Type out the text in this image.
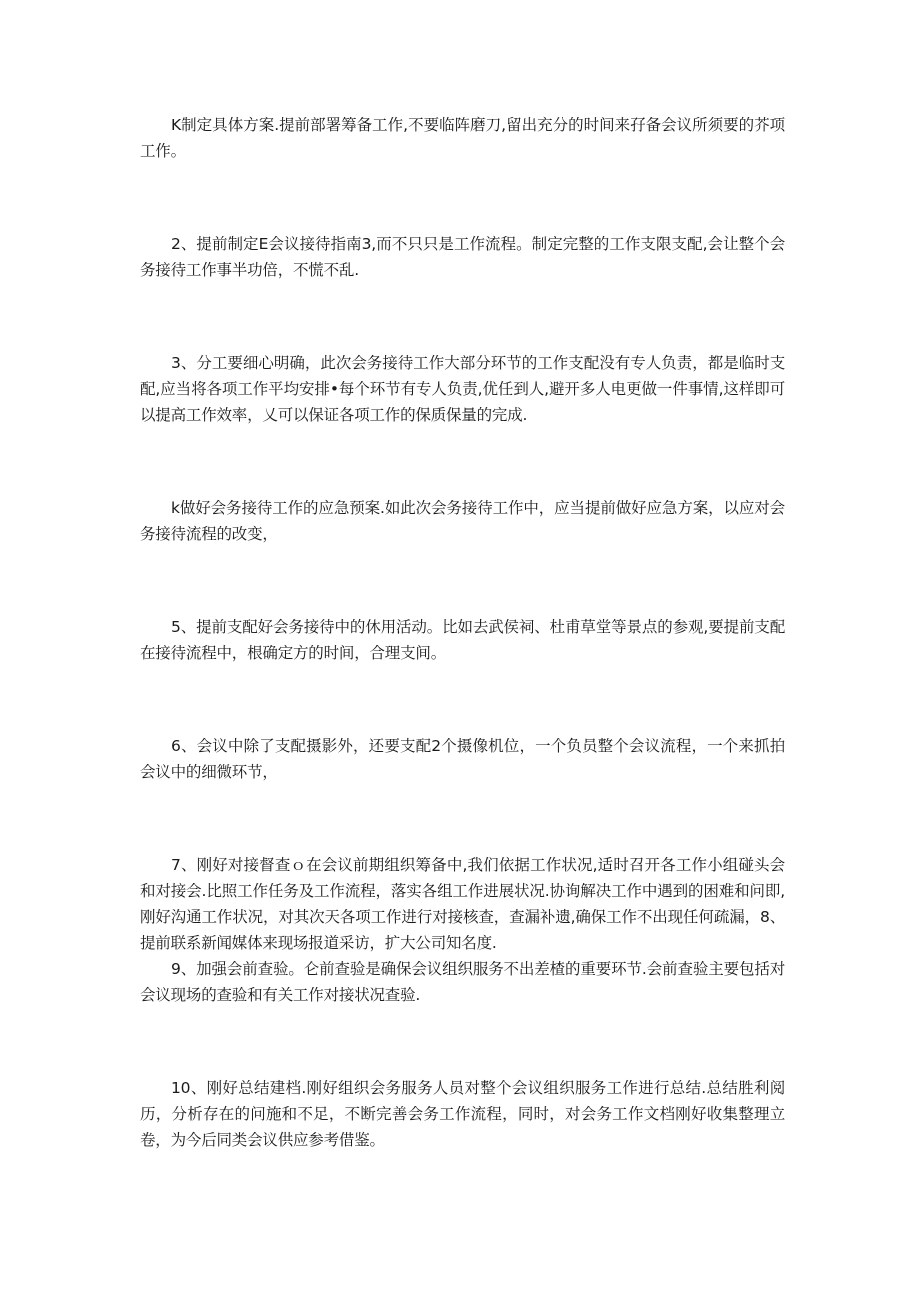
K制定具体方案.提前部署筹备工作,不要临阵磨刀,留出充分的时间来孖备会议所须要的芥项工作。

2、提前制定E会议接待指南3,而不只只是工作流程。制定完整的工作支限支配,会让整个会务接待工作事半功倍，不慌不乱.

3、分工要细心明确，此次会务接待工作大部分环节的工作支配没有专人负责，都是临时支配,应当将各项工作平均安排•每个环节有专人负责,优任到人,避开多人电更做一件事情,这样即可以提高工作效率，乂可以保证各项工作的保质保量的完成.

k做好会务接待工作的应急预案.如此次会务接待工作中，应当提前做好应急方案，以应对会务接待流程的改变，

5、提前支配好会务接待中的休用活动。比如去武侯祠、杜甫草堂等景点的参观,要提前支配在接待流程中，根确定方的时间，合理支间。

6、会议中除了支配摄影外，还要支配2个摄像机位，一个负员整个会议流程，一个来抓拍会议中的细微环节，

7、刚好对接督查ｏ在会议前期组织筹备中,我们依据工作状况,适时召开各工作小组碰头会和对接会.比照工作任务及工作流程，落实各组工作进展状况.协询解决工作中遇到的困难和问即,刚好沟通工作状况，对其次天各项工作进行对接核查，查漏补遗,确保工作不出现任何疏漏，8、提前联系新闻媒体来现场报道采访，扩大公司知名度.

9、加强会前查验。仑前查验是确保会议组织服务不出差楂的重要环节.会前查验主要包括对会议现场的查验和有关工作对接状况查验.

10、刚好总结建档.刚好组织会务服务人员对整个会议组织服务工作进行总结.总结胜利阅历，分析存在的问施和不足，不断完善会务工作流程，同时，对会务工作文档刚好收集整理立卷，为今后同类会议供应参考借鉴。
